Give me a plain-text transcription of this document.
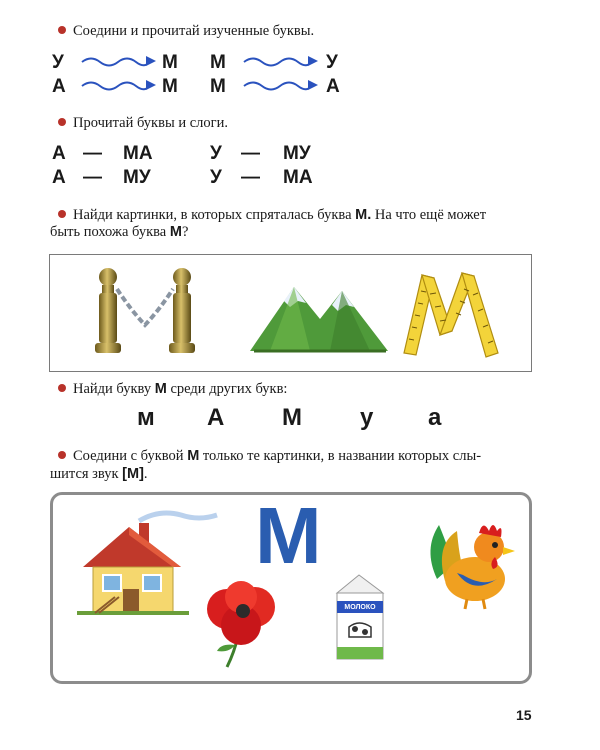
Соедини и прочитай изученные буквы.
У	М М	У
А	М М	А
Прочитай буквы и слоги.
А — МА	У — МУ
А — МУ	У — МА
Найди картинки, в которых спряталась буква М. На что ещё может
быть похожа буква М?
Найди букву М среди других букв:
м А М у а
Соедини с буквой М только те картинки, в названии которых слы-
шится звук [М].
М
МОЛОКО
15
